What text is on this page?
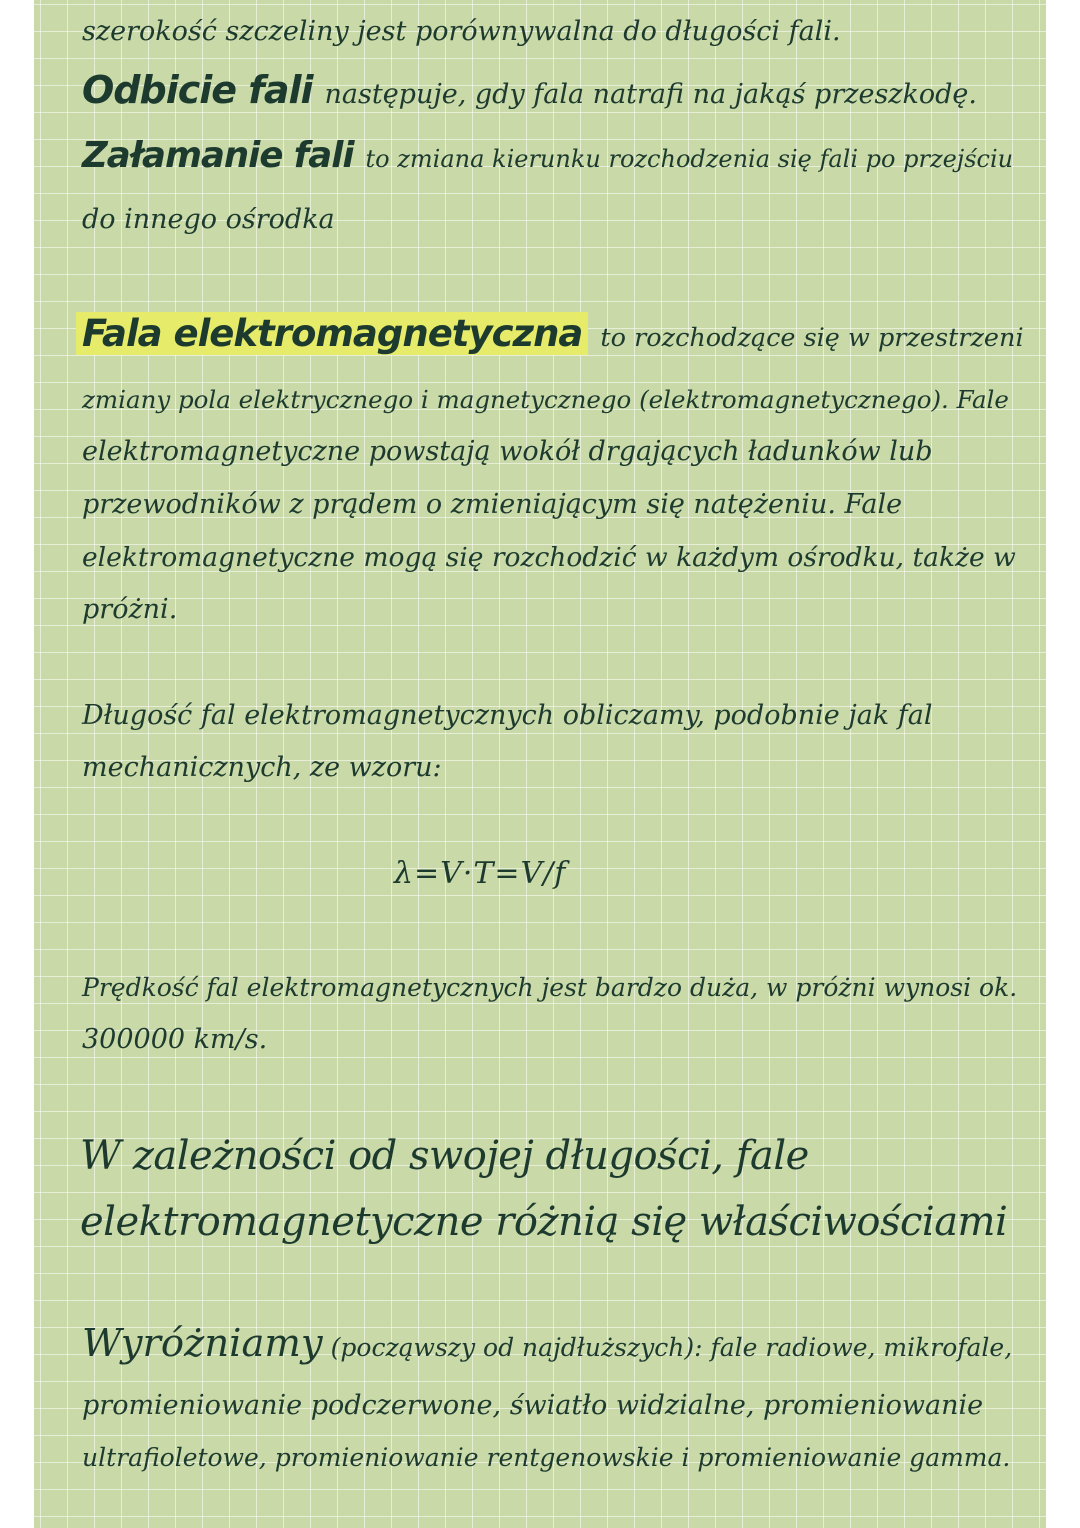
szerokość szczeliny jest porównywalna do długości fali.
Odbicie fali następuje, gdy fala natrafi na jakąś przeszkodę.
Załamanie fali to zmiana kierunku rozchodzenia się fali po przejściu
do innego ośrodka
Fala elektromagnetyczna to rozchodzące się w przestrzeni
zmiany pola elektrycznego i magnetycznego (elektromagnetycznego). Fale
elektromagnetyczne powstają wokół drgających ładunków lub
przewodników z prądem o zmieniającym się natężeniu. Fale
elektromagnetyczne mogą się rozchodzić w każdym ośrodku, także w
próżni.
Długość fal elektromagnetycznych obliczamy, podobnie jak fal
mechanicznych, ze wzoru:
λ=V·T=V/f
Prędkość fal elektromagnetycznych jest bardzo duża, w próżni wynosi ok.
300000 km/s.
W zależności od swojej długości, fale
elektromagnetyczne różnią się właściwościami
Wyróżniamy (począwszy od najdłuższych): fale radiowe, mikrofale,
promieniowanie podczerwone, światło widzialne, promieniowanie
ultrafioletowe, promieniowanie rentgenowskie i promieniowanie gamma.
